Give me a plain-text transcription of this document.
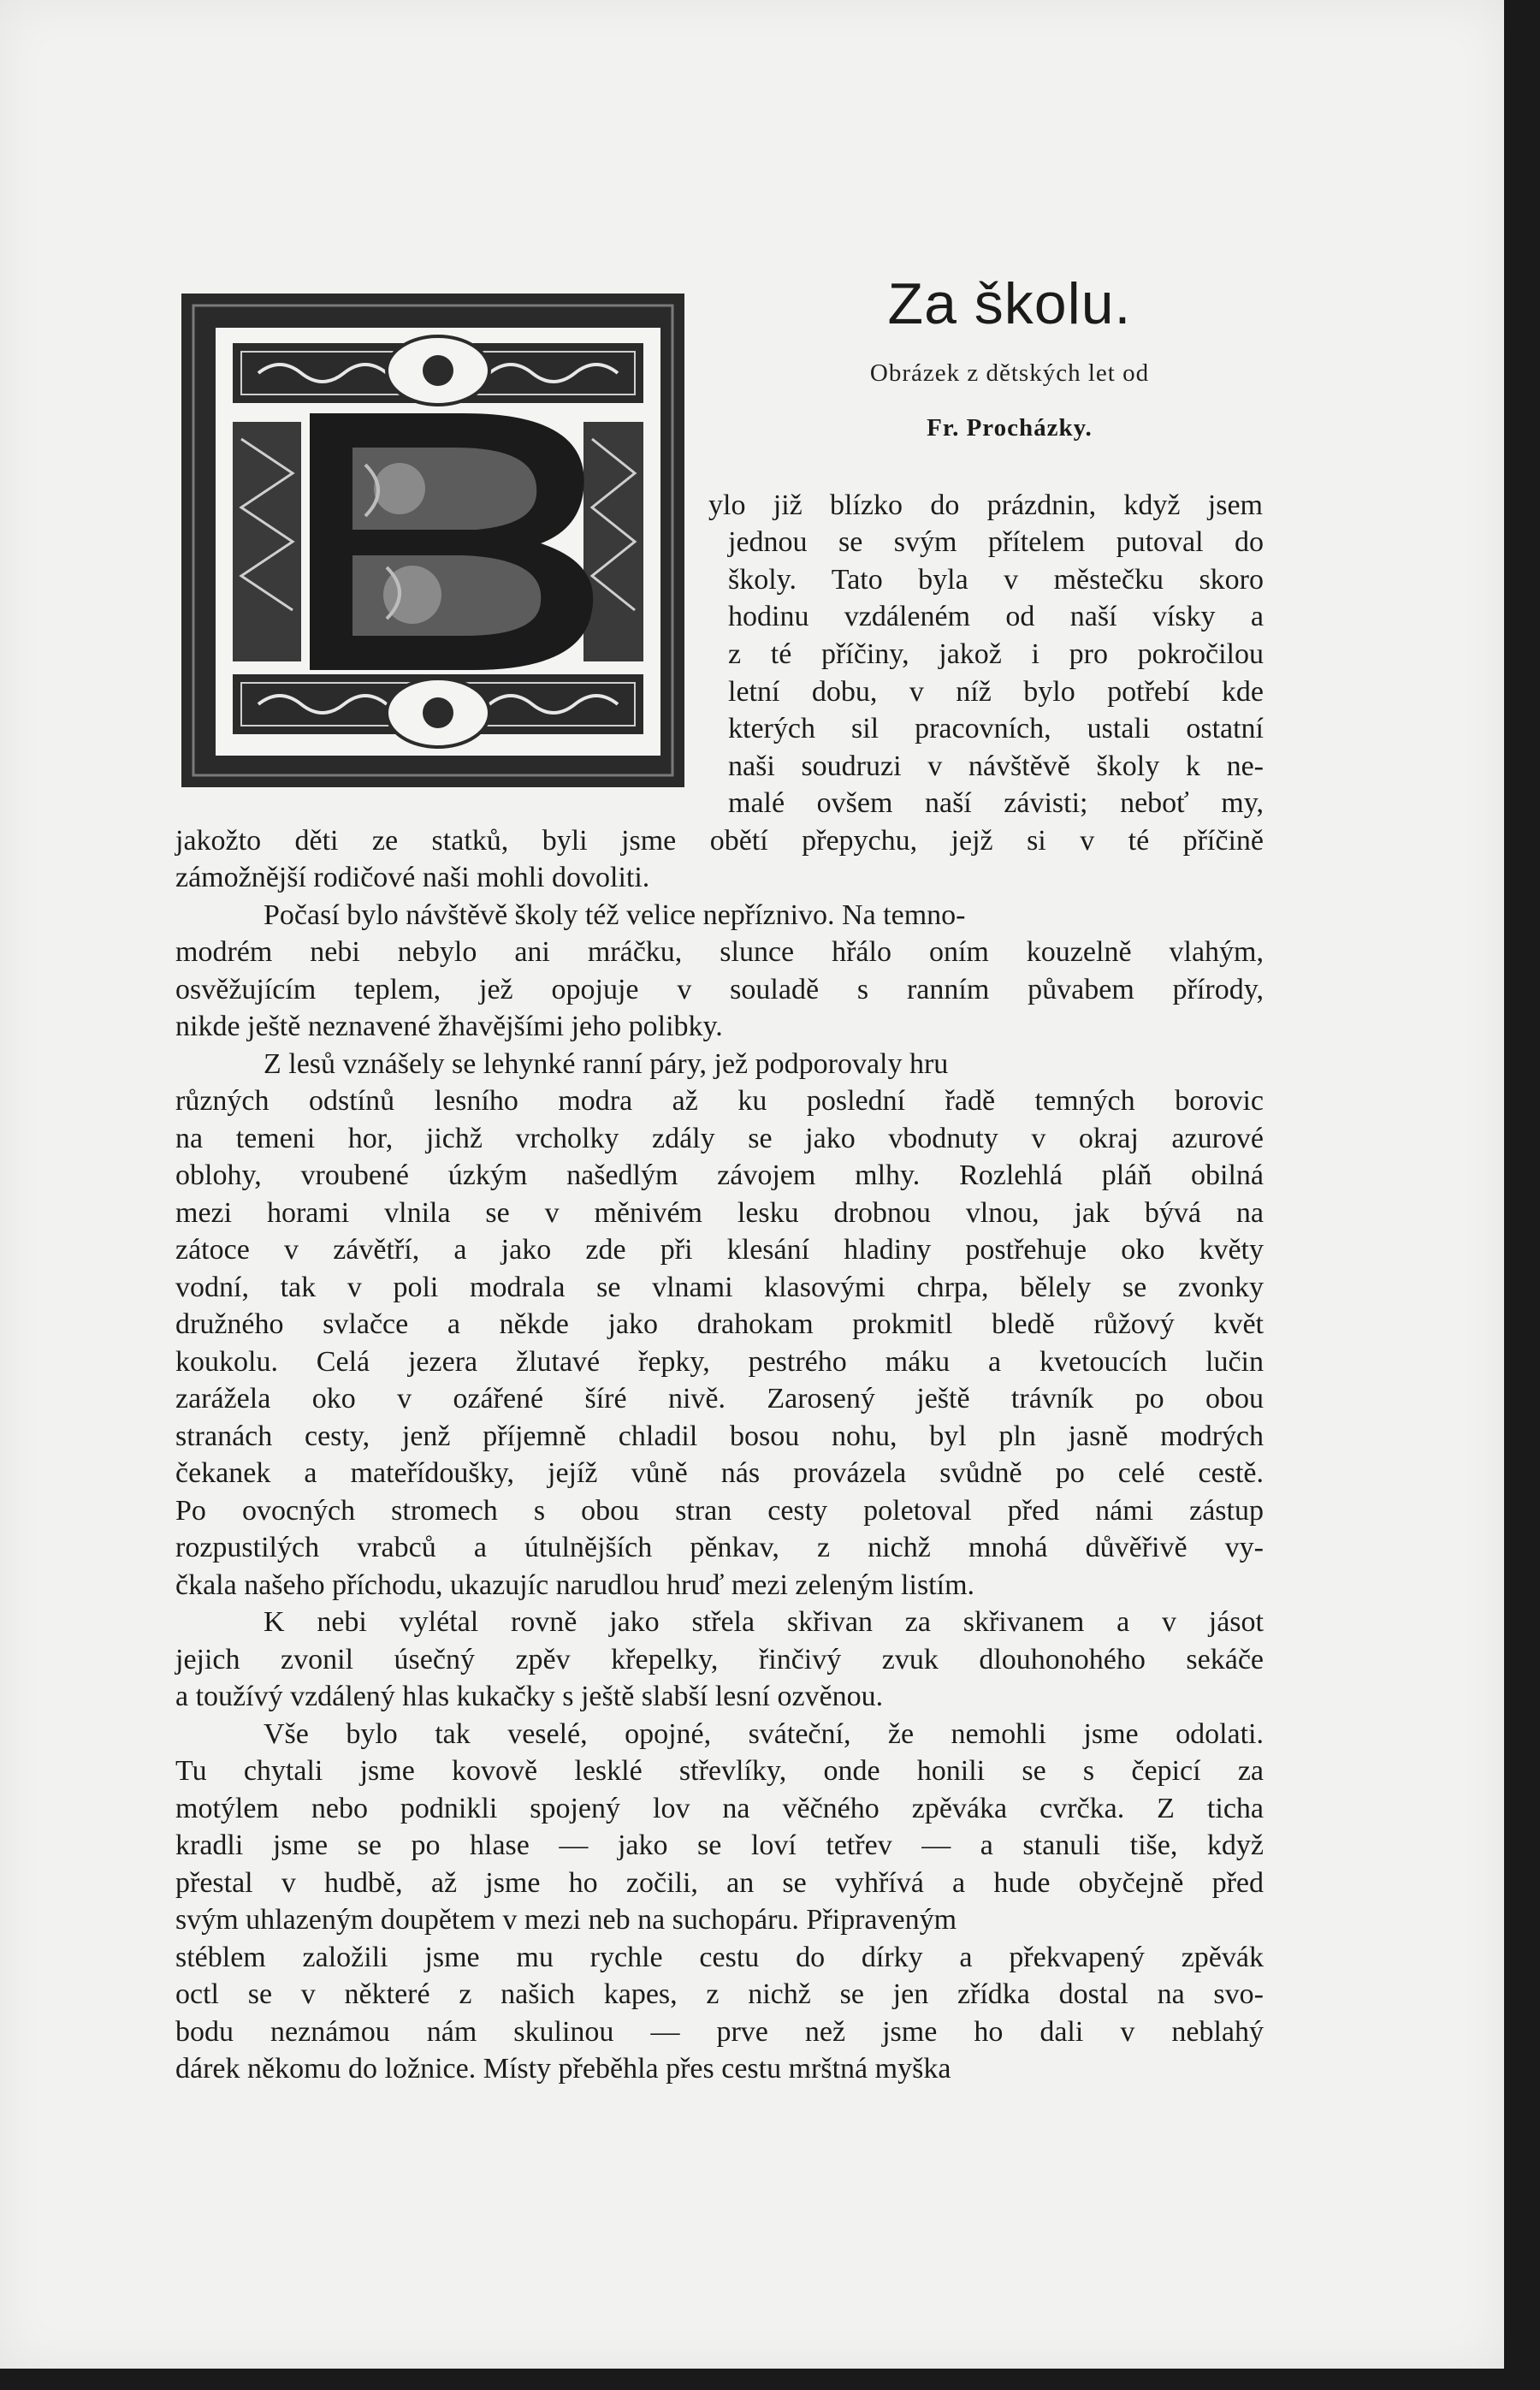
B
Za školu.
Obrázek z dětských let od
Fr. Procházky.
ylo již blízko do prázdnin, když jsem
jednou se svým přítelem putoval do
školy. Tato byla v městečku skoro
hodinu vzdáleném od naší vísky a
z té příčiny, jakož i pro pokročilou
letní dobu, v níž bylo potřebí kde
kterých sil pracovních, ustali ostatní
naši soudruzi v návštěvě školy k ne-
malé ovšem naší závisti; neboť my,
jakožto děti ze statků, byli jsme obětí přepychu, jejž si v té příčině
zámožnější rodičové naši mohli dovoliti.
Počasí bylo návštěvě školy též velice nepříznivo. Na temno-
modrém nebi nebylo ani mráčku, slunce hřálo oním kouzelně vlahým,
osvěžujícím teplem, jež opojuje v souladě s ranním půvabem přírody,
nikde ještě neznavené žhavějšími jeho polibky.
Z lesů vznášely se lehynké ranní páry, jež podporovaly hru
různých odstínů lesního modra až ku poslední řadě temných borovic
na temeni hor, jichž vrcholky zdály se jako vbodnuty v okraj azurové
oblohy, vroubené úzkým našedlým závojem mlhy. Rozlehlá pláň obilná
mezi horami vlnila se v měnivém lesku drobnou vlnou, jak bývá na
zátoce v závětří, a jako zde při klesání hladiny postřehuje oko květy
vodní, tak v poli modrala se vlnami klasovými chrpa, bělely se zvonky
družného svlačce a někde jako drahokam prokmitl bledě růžový květ
koukolu. Celá jezera žlutavé řepky, pestrého máku a kvetoucích lučin
zarážela oko v ozářené šíré nivě. Zarosený ještě trávník po obou
stranách cesty, jenž příjemně chladil bosou nohu, byl pln jasně modrých
čekanek a mateřídoušky, jejíž vůně nás provázela svůdně po celé cestě.
Po ovocných stromech s obou stran cesty poletoval před námi zástup
rozpustilých vrabců a útulnějších pěnkav, z nichž mnohá důvěřivě vy-
čkala našeho příchodu, ukazujíc narudlou hruď mezi zeleným listím.
K nebi vylétal rovně jako střela skřivan za skřivanem a v jásot
jejich zvonil úsečný zpěv křepelky, řinčivý zvuk dlouhonohého sekáče
a toužívý vzdálený hlas kukačky s ještě slabší lesní ozvěnou.
Vše bylo tak veselé, opojné, sváteční, že nemohli jsme odolati.
Tu chytali jsme kovově lesklé střevlíky, onde honili se s čepicí za
motýlem nebo podnikli spojený lov na věčného zpěváka cvrčka. Z ticha
kradli jsme se po hlase — jako se loví tetřev — a stanuli tiše, když
přestal v hudbě, až jsme ho zočili, an se vyhřívá a hude obyčejně před
svým uhlazeným doupětem v mezi neb na suchopáru. Připraveným
stéblem založili jsme mu rychle cestu do dírky a překvapený zpěvák
octl se v některé z našich kapes, z nichž se jen zřídka dostal na svo-
bodu neznámou nám skulinou — prve než jsme ho dali v neblahý
dárek někomu do ložnice. Místy přeběhla přes cestu mrštná myška
